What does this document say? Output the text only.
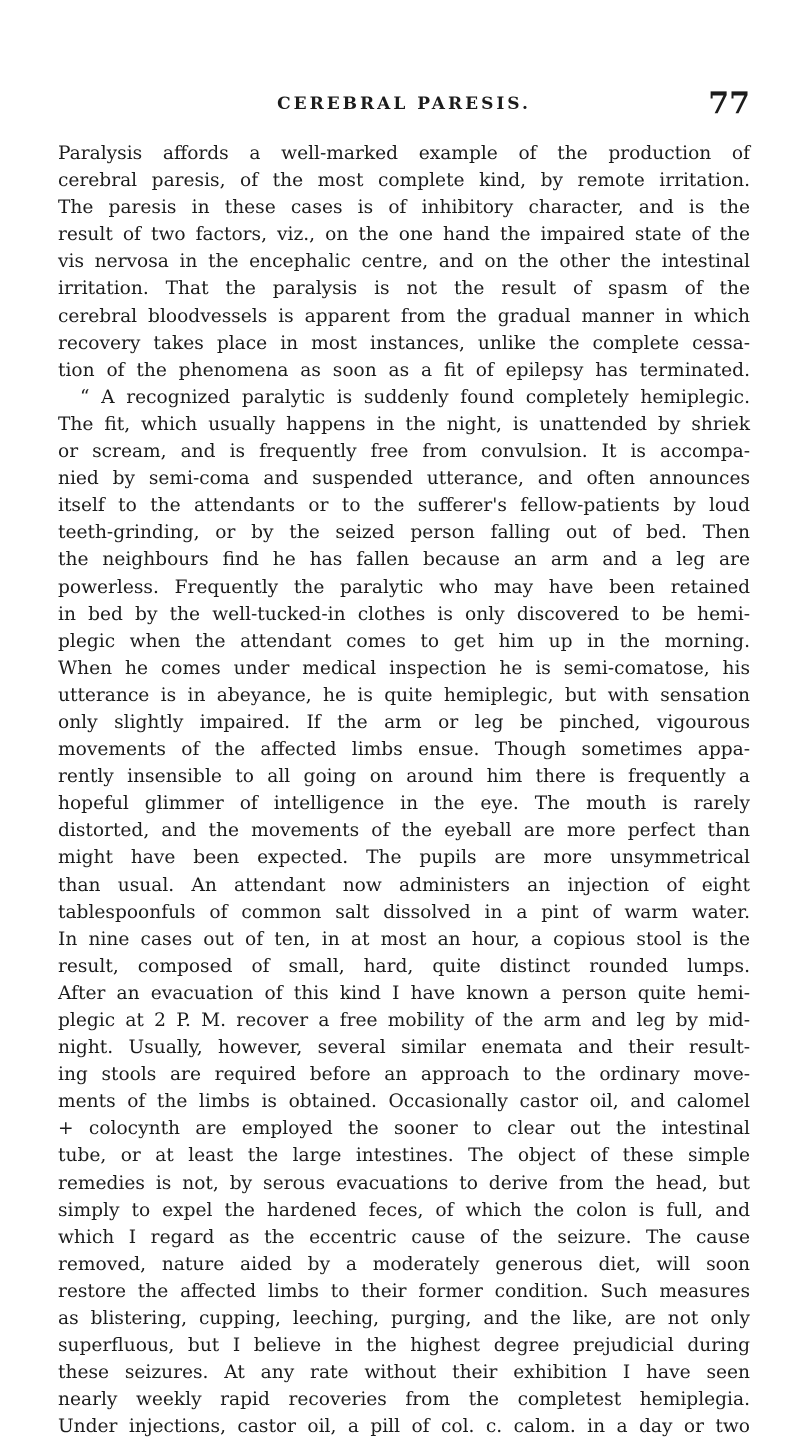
CEREBRAL PARESIS.	77
Paralysis affords a well-marked example of the production of
cerebral paresis, of the most complete kind, by remote irritation.
The paresis in these cases is of inhibitory character, and is the
result of two factors, viz., on the one hand the impaired state of the
vis nervosa in the encephalic centre, and on the other the intestinal
irritation. That the paralysis is not the result of spasm of the
cerebral bloodvessels is apparent from the gradual manner in which
recovery takes place in most instances, unlike the complete cessa-
tion of the phenomena as soon as a fit of epilepsy has terminated.
“ A recognized paralytic is suddenly found completely hemiplegic.
The fit, which usually happens in the night, is unattended by shriek
or scream, and is frequently free from convulsion. It is accompa-
nied by semi-coma and suspended utterance, and often announces
itself to the attendants or to the sufferer's fellow-patients by loud
teeth-grinding, or by the seized person falling out of bed. Then
the neighbours find he has fallen because an arm and a leg are
powerless. Frequently the paralytic who may have been retained
in bed by the well-tucked-in clothes is only discovered to be hemi-
plegic when the attendant comes to get him up in the morning.
When he comes under medical inspection he is semi-comatose, his
utterance is in abeyance, he is quite hemiplegic, but with sensation
only slightly impaired. If the arm or leg be pinched, vigourous
movements of the affected limbs ensue. Though sometimes appa-
rently insensible to all going on around him there is frequently a
hopeful glimmer of intelligence in the eye. The mouth is rarely
distorted, and the movements of the eyeball are more perfect than
might have been expected. The pupils are more unsymmetrical
than usual. An attendant now administers an injection of eight
tablespoonfuls of common salt dissolved in a pint of warm water.
In nine cases out of ten, in at most an hour, a copious stool is the
result, composed of small, hard, quite distinct rounded lumps.
After an evacuation of this kind I have known a person quite hemi-
plegic at 2 P. M. recover a free mobility of the arm and leg by mid-
night. Usually, however, several similar enemata and their result-
ing stools are required before an approach to the ordinary move-
ments of the limbs is obtained. Occasionally castor oil, and calomel
+ colocynth are employed the sooner to clear out the intestinal
tube, or at least the large intestines. The object of these simple
remedies is not, by serous evacuations to derive from the head, but
simply to expel the hardened feces, of which the colon is full, and
which I regard as the eccentric cause of the seizure. The cause
removed, nature aided by a moderately generous diet, will soon
restore the affected limbs to their former condition. Such measures
as blistering, cupping, leeching, purging, and the like, are not only
superfluous, but I believe in the highest degree prejudicial during
these seizures. At any rate without their exhibition I have seen
nearly weekly rapid recoveries from the completest hemiplegia.
Under injections, castor oil, a pill of col. c. calom. in a day or two
